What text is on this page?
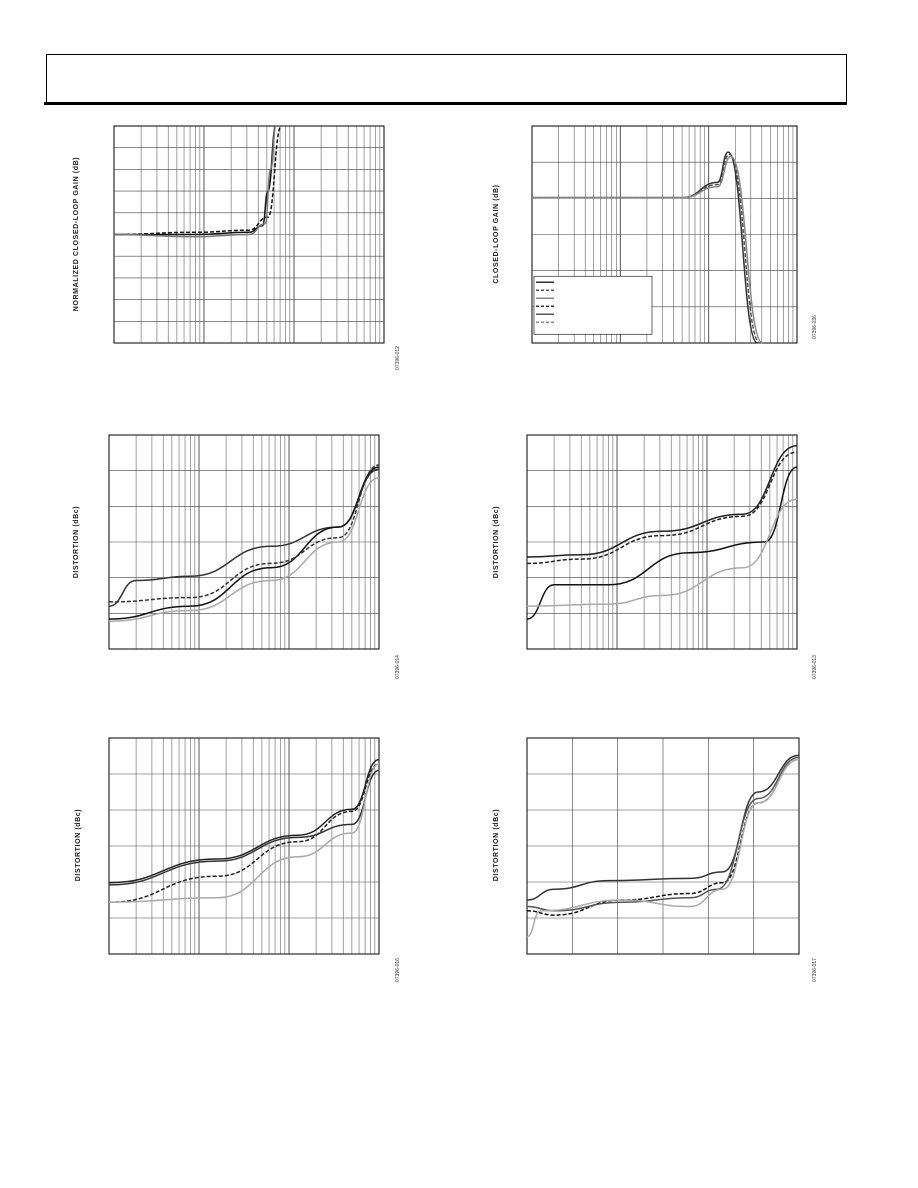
NORMALIZED CLOSED-LOOP GAIN (dB)
07396-012
CLOSED-LOOP GAIN (dB)
07396-036
DISTORTION (dBc)
07396-014
DISTORTION (dBc)
07396-013
DISTORTION (dBc)
07396-016
DISTORTION (dBc)
07396-017
